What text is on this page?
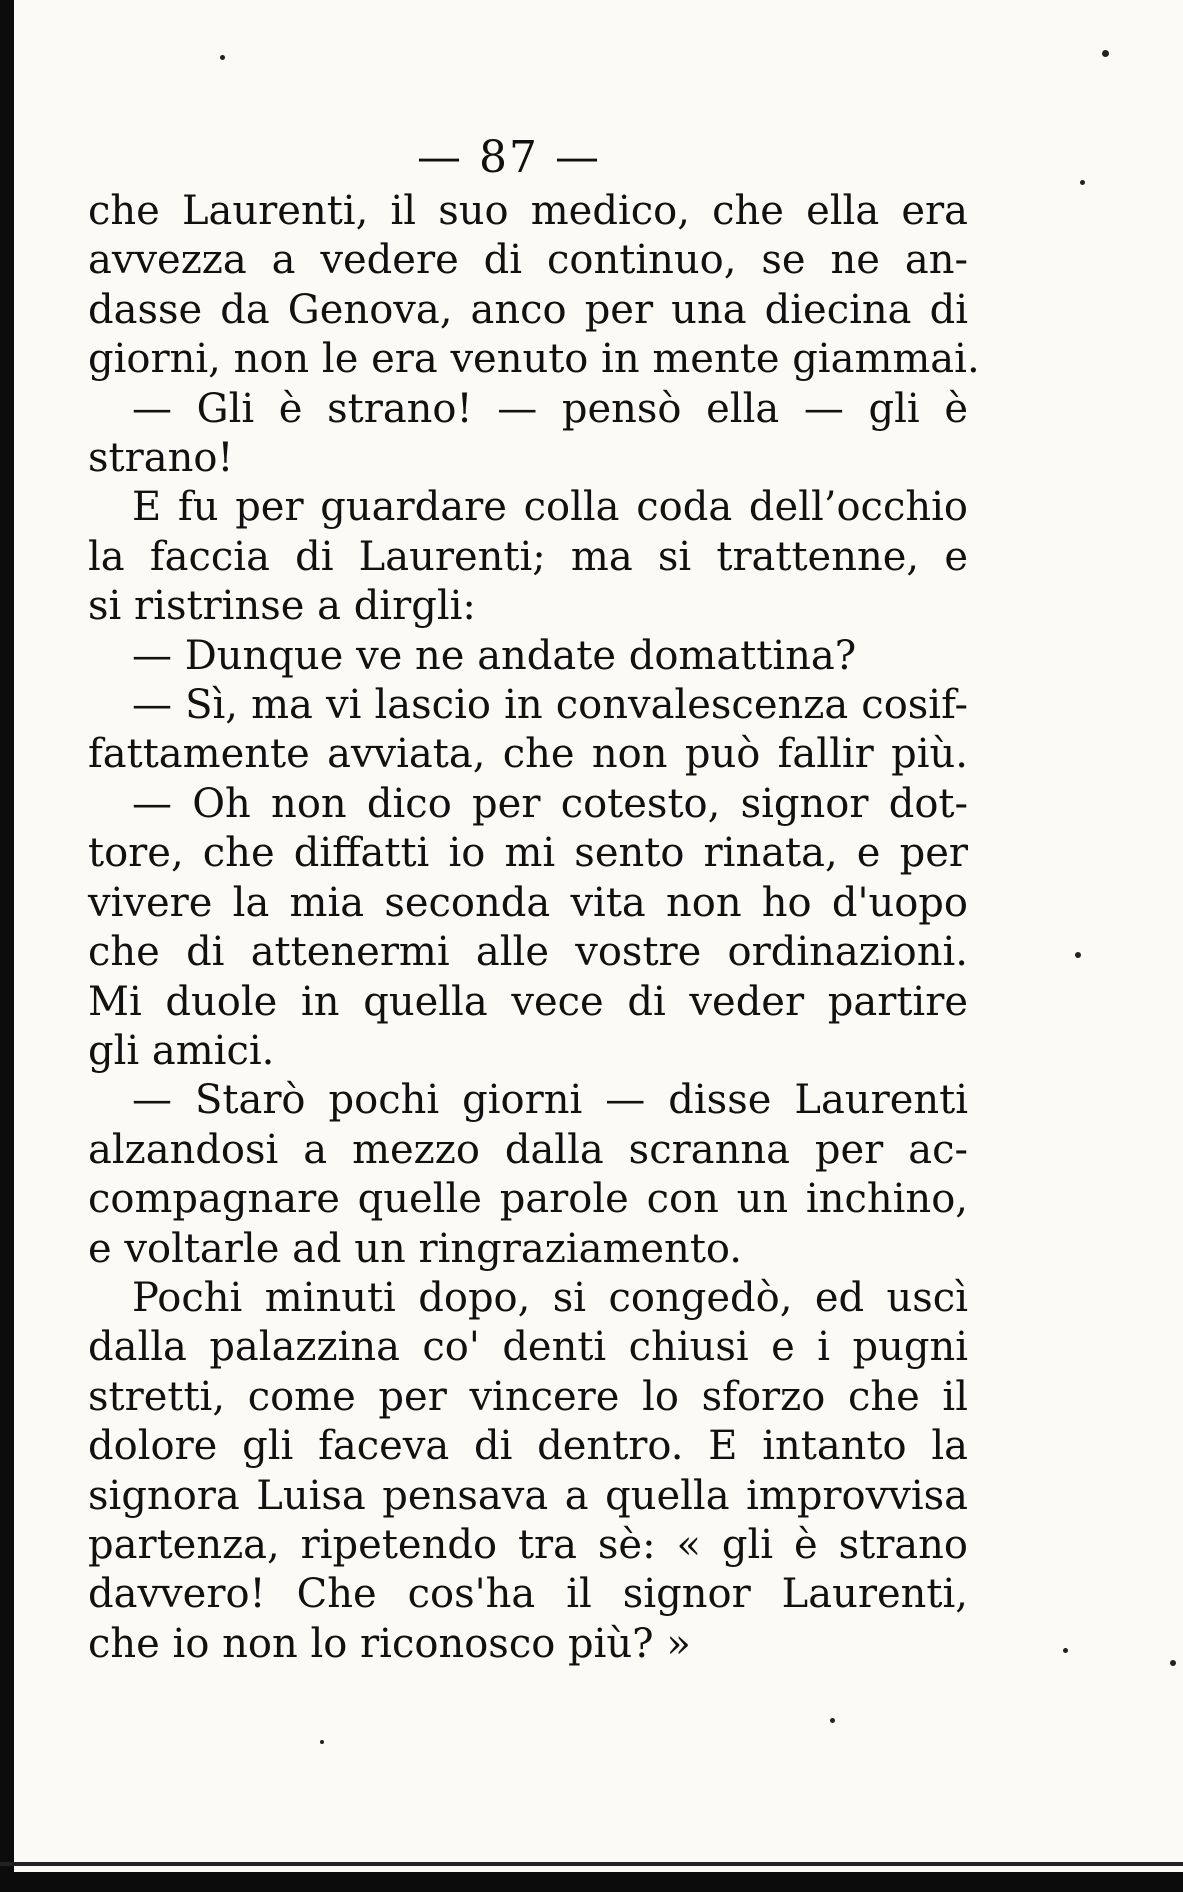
— 87 —
che Laurenti, il suo medico, che ella era
avvezza a vedere di continuo, se ne an-
dasse da Genova, anco per una diecina di
giorni, non le era venuto in mente giammai.
— Gli è strano! — pensò ella — gli è
strano!
E fu per guardare colla coda dell’occhio
la faccia di Laurenti; ma si trattenne, e
si ristrinse a dirgli:
— Dunque ve ne andate domattina?
— Sì, ma vi lascio in convalescenza cosif-
fattamente avviata, che non può fallir più.
— Oh non dico per cotesto, signor dot-
tore, che diffatti io mi sento rinata, e per
vivere la mia seconda vita non ho d'uopo
che di attenermi alle vostre ordinazioni.
Mi duole in quella vece di veder partire
gli amici.
— Starò pochi giorni — disse Laurenti
alzandosi a mezzo dalla scranna per ac-
compagnare quelle parole con un inchino,
e voltarle ad un ringraziamento.
Pochi minuti dopo, si congedò, ed uscì
dalla palazzina co' denti chiusi e i pugni
stretti, come per vincere lo sforzo che il
dolore gli faceva di dentro. E intanto la
signora Luisa pensava a quella improvvisa
partenza, ripetendo tra sè: « gli è strano
davvero! Che cos'ha il signor Laurenti,
che io non lo riconosco più? »
